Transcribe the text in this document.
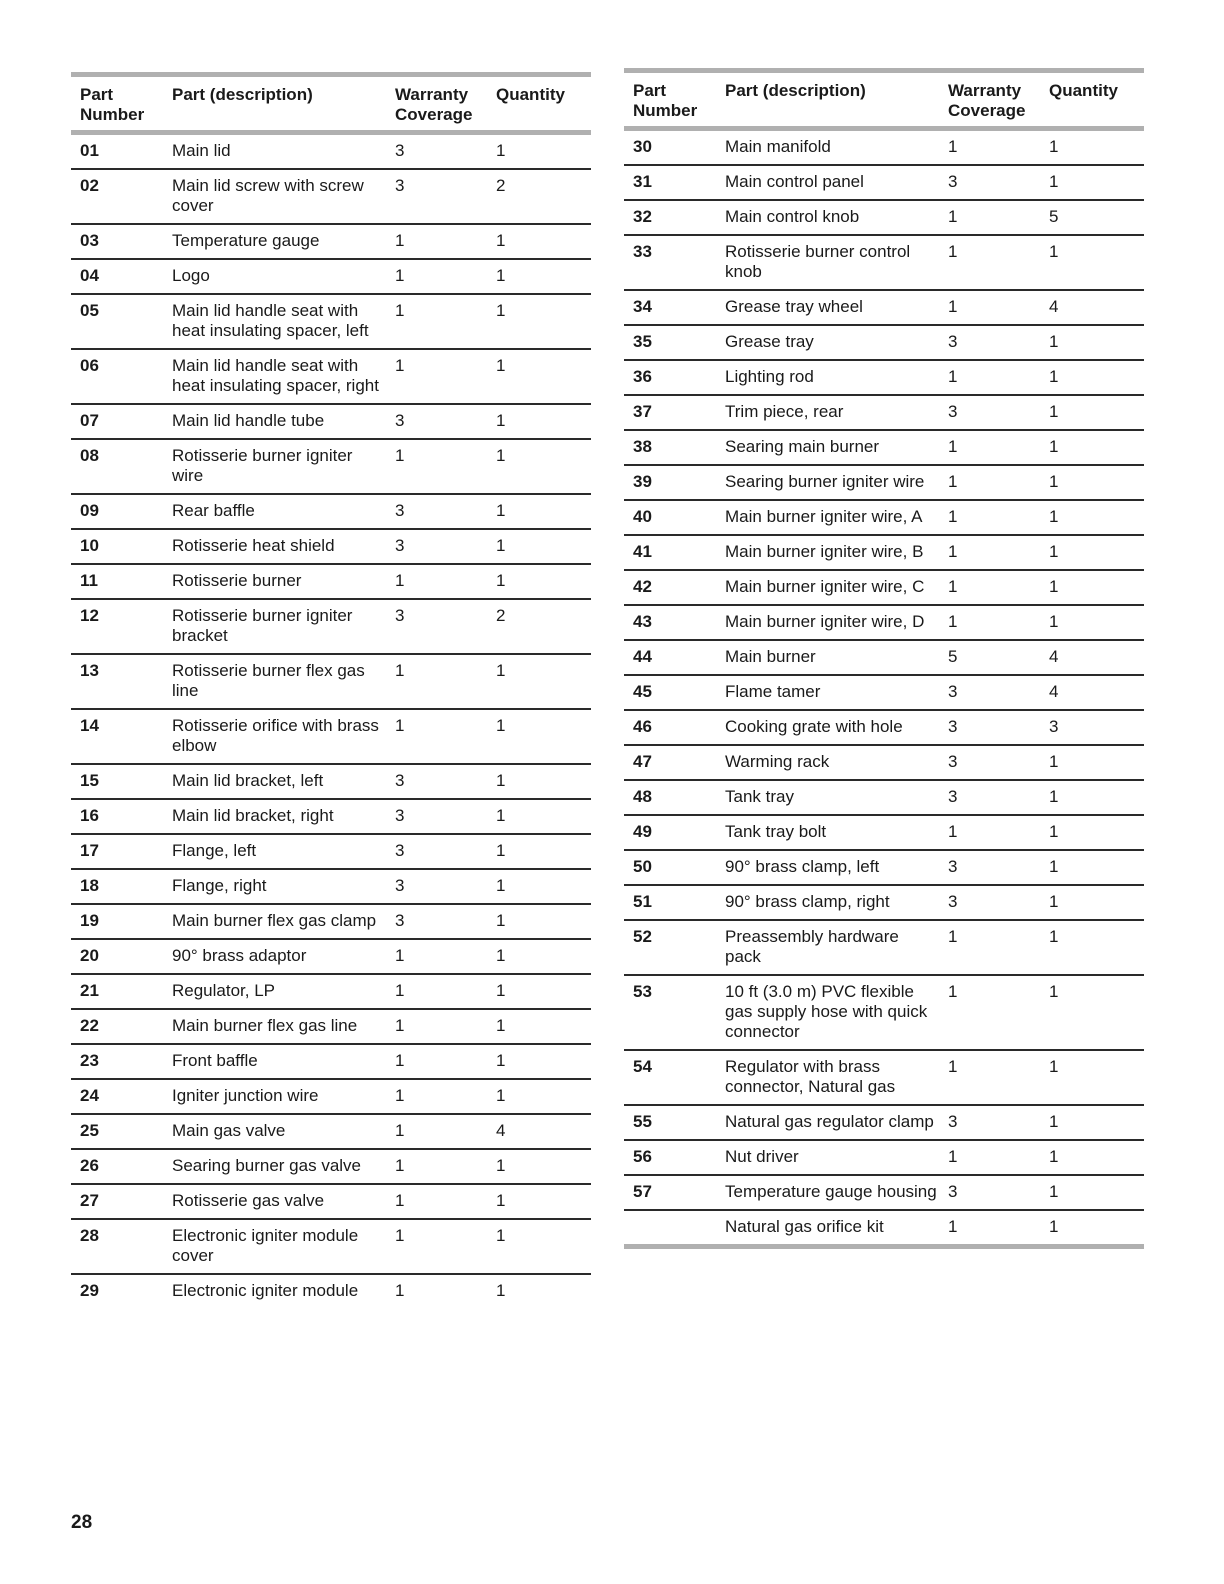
Part Number	Part (description)	Warranty Coverage	Quantity
01	Main lid	3	1
02	Main lid screw with screw cover	3	2
03	Temperature gauge	1	1
04	Logo	1	1
05	Main lid handle seat with heat insulating spacer, left	1	1
06	Main lid handle seat with heat insulating spacer, right	1	1
07	Main lid handle tube	3	1
08	Rotisserie burner igniter wire	1	1
09	Rear baffle	3	1
10	Rotisserie heat shield	3	1
11	Rotisserie burner	1	1
12	Rotisserie burner igniter bracket	3	2
13	Rotisserie burner flex gas line	1	1
14	Rotisserie orifice with brass elbow	1	1
15	Main lid bracket, left	3	1
16	Main lid bracket, right	3	1
17	Flange, left	3	1
18	Flange, right	3	1
19	Main burner flex gas clamp	3	1
20	90° brass adaptor	1	1
21	Regulator, LP	1	1
22	Main burner flex gas line	1	1
23	Front baffle	1	1
24	Igniter junction wire	1	1
25	Main gas valve	1	4
26	Searing burner gas valve	1	1
27	Rotisserie gas valve	1	1
28	Electronic igniter module cover	1	1
29	Electronic igniter module	1	1
Part Number	Part (description)	Warranty Coverage	Quantity
30	Main manifold	1	1
31	Main control panel	3	1
32	Main control knob	1	5
33	Rotisserie burner control knob	1	1
34	Grease tray wheel	1	4
35	Grease tray	3	1
36	Lighting rod	1	1
37	Trim piece, rear	3	1
38	Searing main burner	1	1
39	Searing burner igniter wire	1	1
40	Main burner igniter wire, A	1	1
41	Main burner igniter wire, B	1	1
42	Main burner igniter wire, C	1	1
43	Main burner igniter wire, D	1	1
44	Main burner	5	4
45	Flame tamer	3	4
46	Cooking grate with hole	3	3
47	Warming rack	3	1
48	Tank tray	3	1
49	Tank tray bolt	1	1
50	90° brass clamp, left	3	1
51	90° brass clamp, right	3	1
52	Preassembly hardware pack	1	1
53	10 ft (3.0 m) PVC flexible gas supply hose with quick connector	1	1
54	Regulator with brass connector, Natural gas	1	1
55	Natural gas regulator clamp	3	1
56	Nut driver	1	1
57	Temperature gauge housing	3	1
	Natural gas orifice kit	1	1

28
